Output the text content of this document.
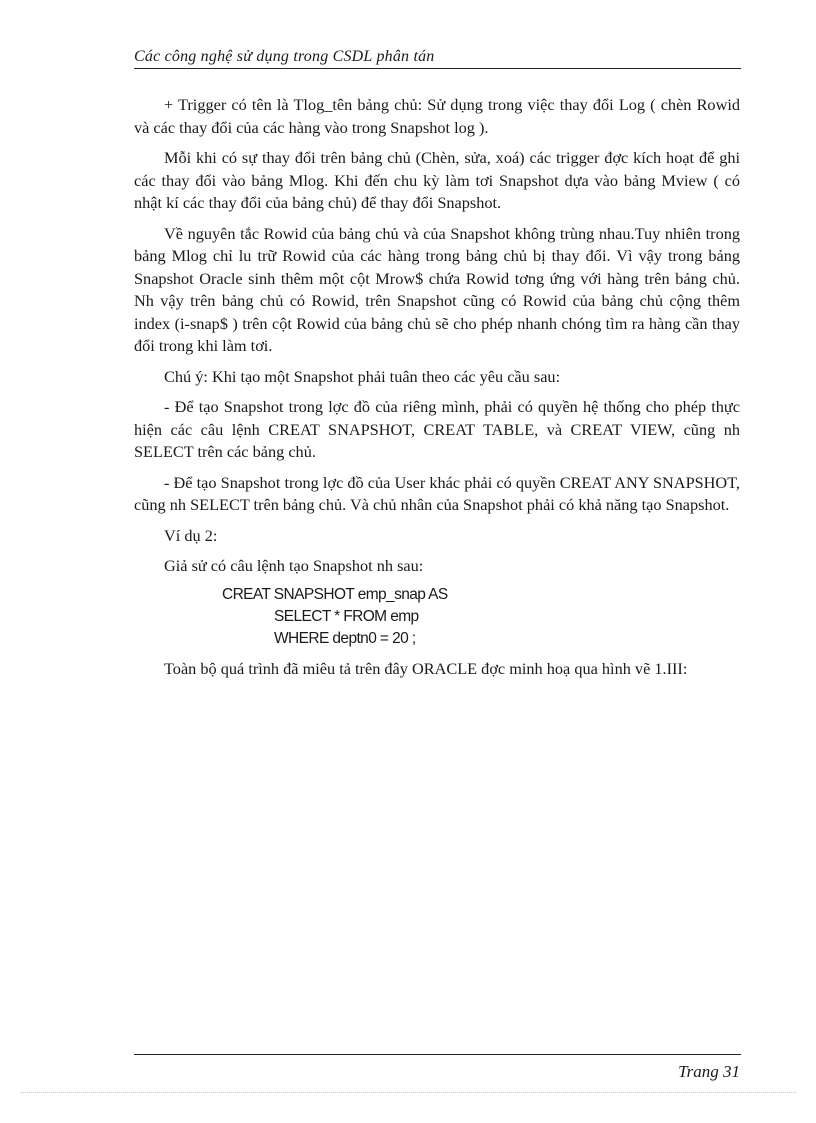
Các công nghệ sử dụng trong CSDL phân tán

+ Trigger có tên là Tlog_tên bảng chủ: Sử dụng trong việc thay đổi Log ( chèn Rowid và các thay đổi của các hàng vào trong Snapshot log ).

Mỗi khi có sự thay đổi trên bảng chủ (Chèn, sửa, xoá) các trigger đợc kích hoạt để ghi các thay đổi vào bảng Mlog. Khi đến chu kỳ làm tơi Snapshot dựa vào bảng Mview ( có nhật kí các thay đổi của bảng chủ) để thay đổi Snapshot.

Về nguyên tắc Rowid của bảng chủ và của Snapshot không trùng nhau.Tuy nhiên trong bảng Mlog chỉ lu trữ Rowid của các hàng trong bảng chủ bị thay đổi. Vì vậy trong bảng Snapshot Oracle sinh thêm một cột Mrow$ chứa Rowid tơng ứng với hàng trên bảng chủ. Nh vậy trên bảng chủ có Rowid, trên Snapshot cũng có Rowid của bảng chủ cộng thêm index (i-snap$ ) trên cột Rowid của bảng chủ sẽ cho phép nhanh chóng tìm ra hàng cần thay đổi trong khi làm tơi.

Chú ý: Khi tạo một Snapshot phải tuân theo các yêu cầu sau:

- Để tạo Snapshot trong lợc đồ của riêng mình, phải có quyền hệ thống cho phép thực hiện các câu lệnh CREAT SNAPSHOT, CREAT TABLE, và CREAT VIEW, cũng nh SELECT trên các bảng chủ.

- Để tạo Snapshot trong lợc đồ của User khác phải có quyền CREAT ANY SNAPSHOT, cũng nh SELECT trên bảng chủ. Và chủ nhân của Snapshot phải có khả năng tạo Snapshot.

Ví dụ 2:

Giả sử có câu lệnh tạo Snapshot nh sau:

CREAT SNAPSHOT emp_snap AS
SELECT * FROM emp
WHERE deptn0 = 20 ;

Toàn bộ quá trình đã miêu tả trên đây ORACLE đợc minh hoạ qua hình vẽ 1.III:

Trang 31
